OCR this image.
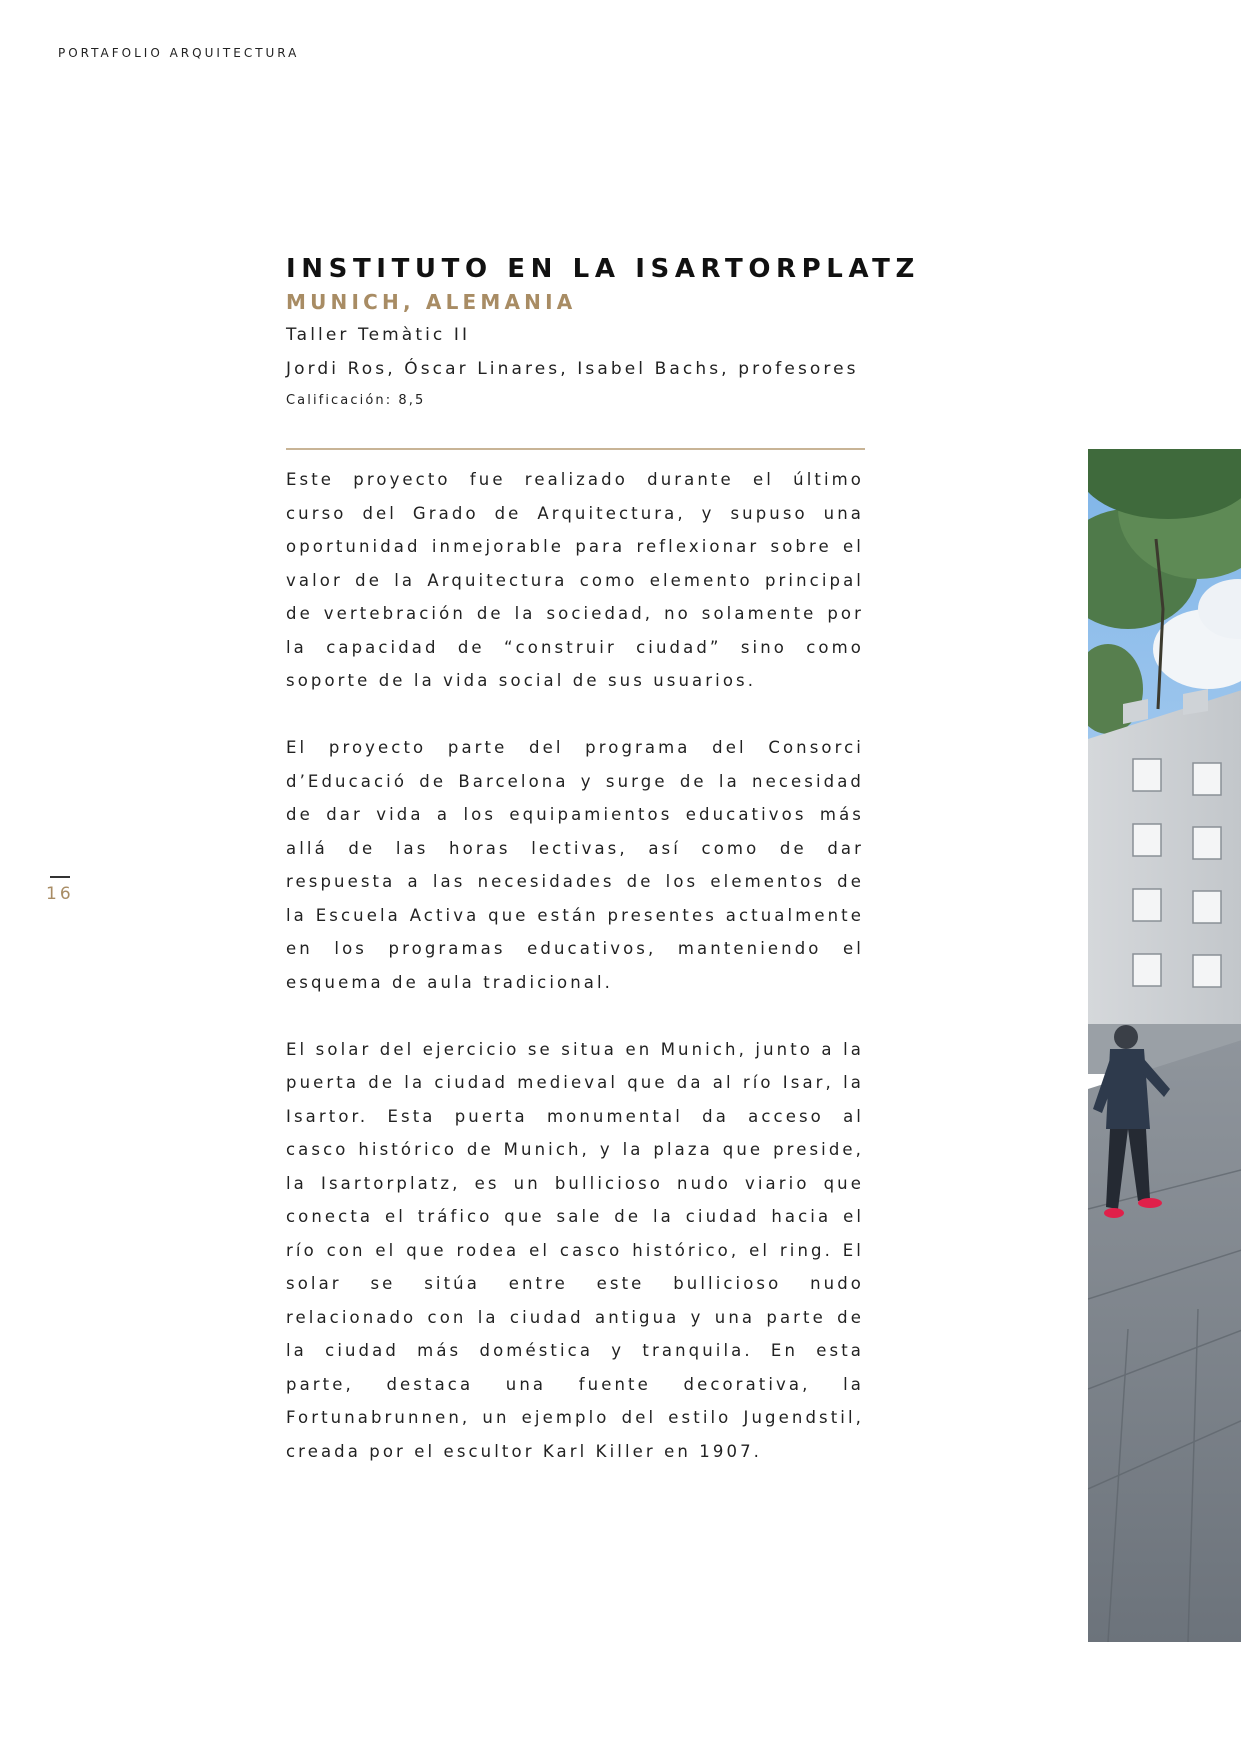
PORTAFOLIO ARQUITECTURA
INSTITUTO EN LA ISARTORPLATZ
MUNICH, ALEMANIA

Taller Temàtic II

Jordi Ros, Óscar Linares, Isabel Bachs, profesores

Calificación: 8,5

Este proyecto fue realizado durante el último curso del Grado de Arquitectura, y supuso una oportunidad inmejorable para reflexionar sobre el valor de la Arquitectura como elemento principal de vertebración de la sociedad, no solamente por la capacidad de “construir ciudad” sino como soporte de la vida social de sus usuarios.

El proyecto parte del programa del Consorci d’Educació de Barcelona y surge de la necesidad de dar vida a los equipamientos educativos más allá de las horas lectivas, así como de dar respuesta a las necesidades de los elementos de la Escuela Activa que están presentes actualmente en los programas educativos, manteniendo el esquema de aula tradicional.

El solar del ejercicio se situa en Munich, junto a la puerta de la ciudad medieval que da al río Isar, la Isartor. Esta puerta monumental da acceso al casco histórico de Munich, y la plaza que preside, la Isartorplatz, es un bullicioso nudo viario que conecta el tráfico que sale de la ciudad hacia el río con el que rodea el casco histórico, el ring. El solar se sitúa entre este bullicioso nudo relacionado con la ciudad antigua y una parte de la ciudad más doméstica y tranquila. En esta parte, destaca una fuente decorativa, la Fortunabrunnen, un ejemplo del estilo Jugendstil, creada por el escultor Karl Killer en 1907.

16
